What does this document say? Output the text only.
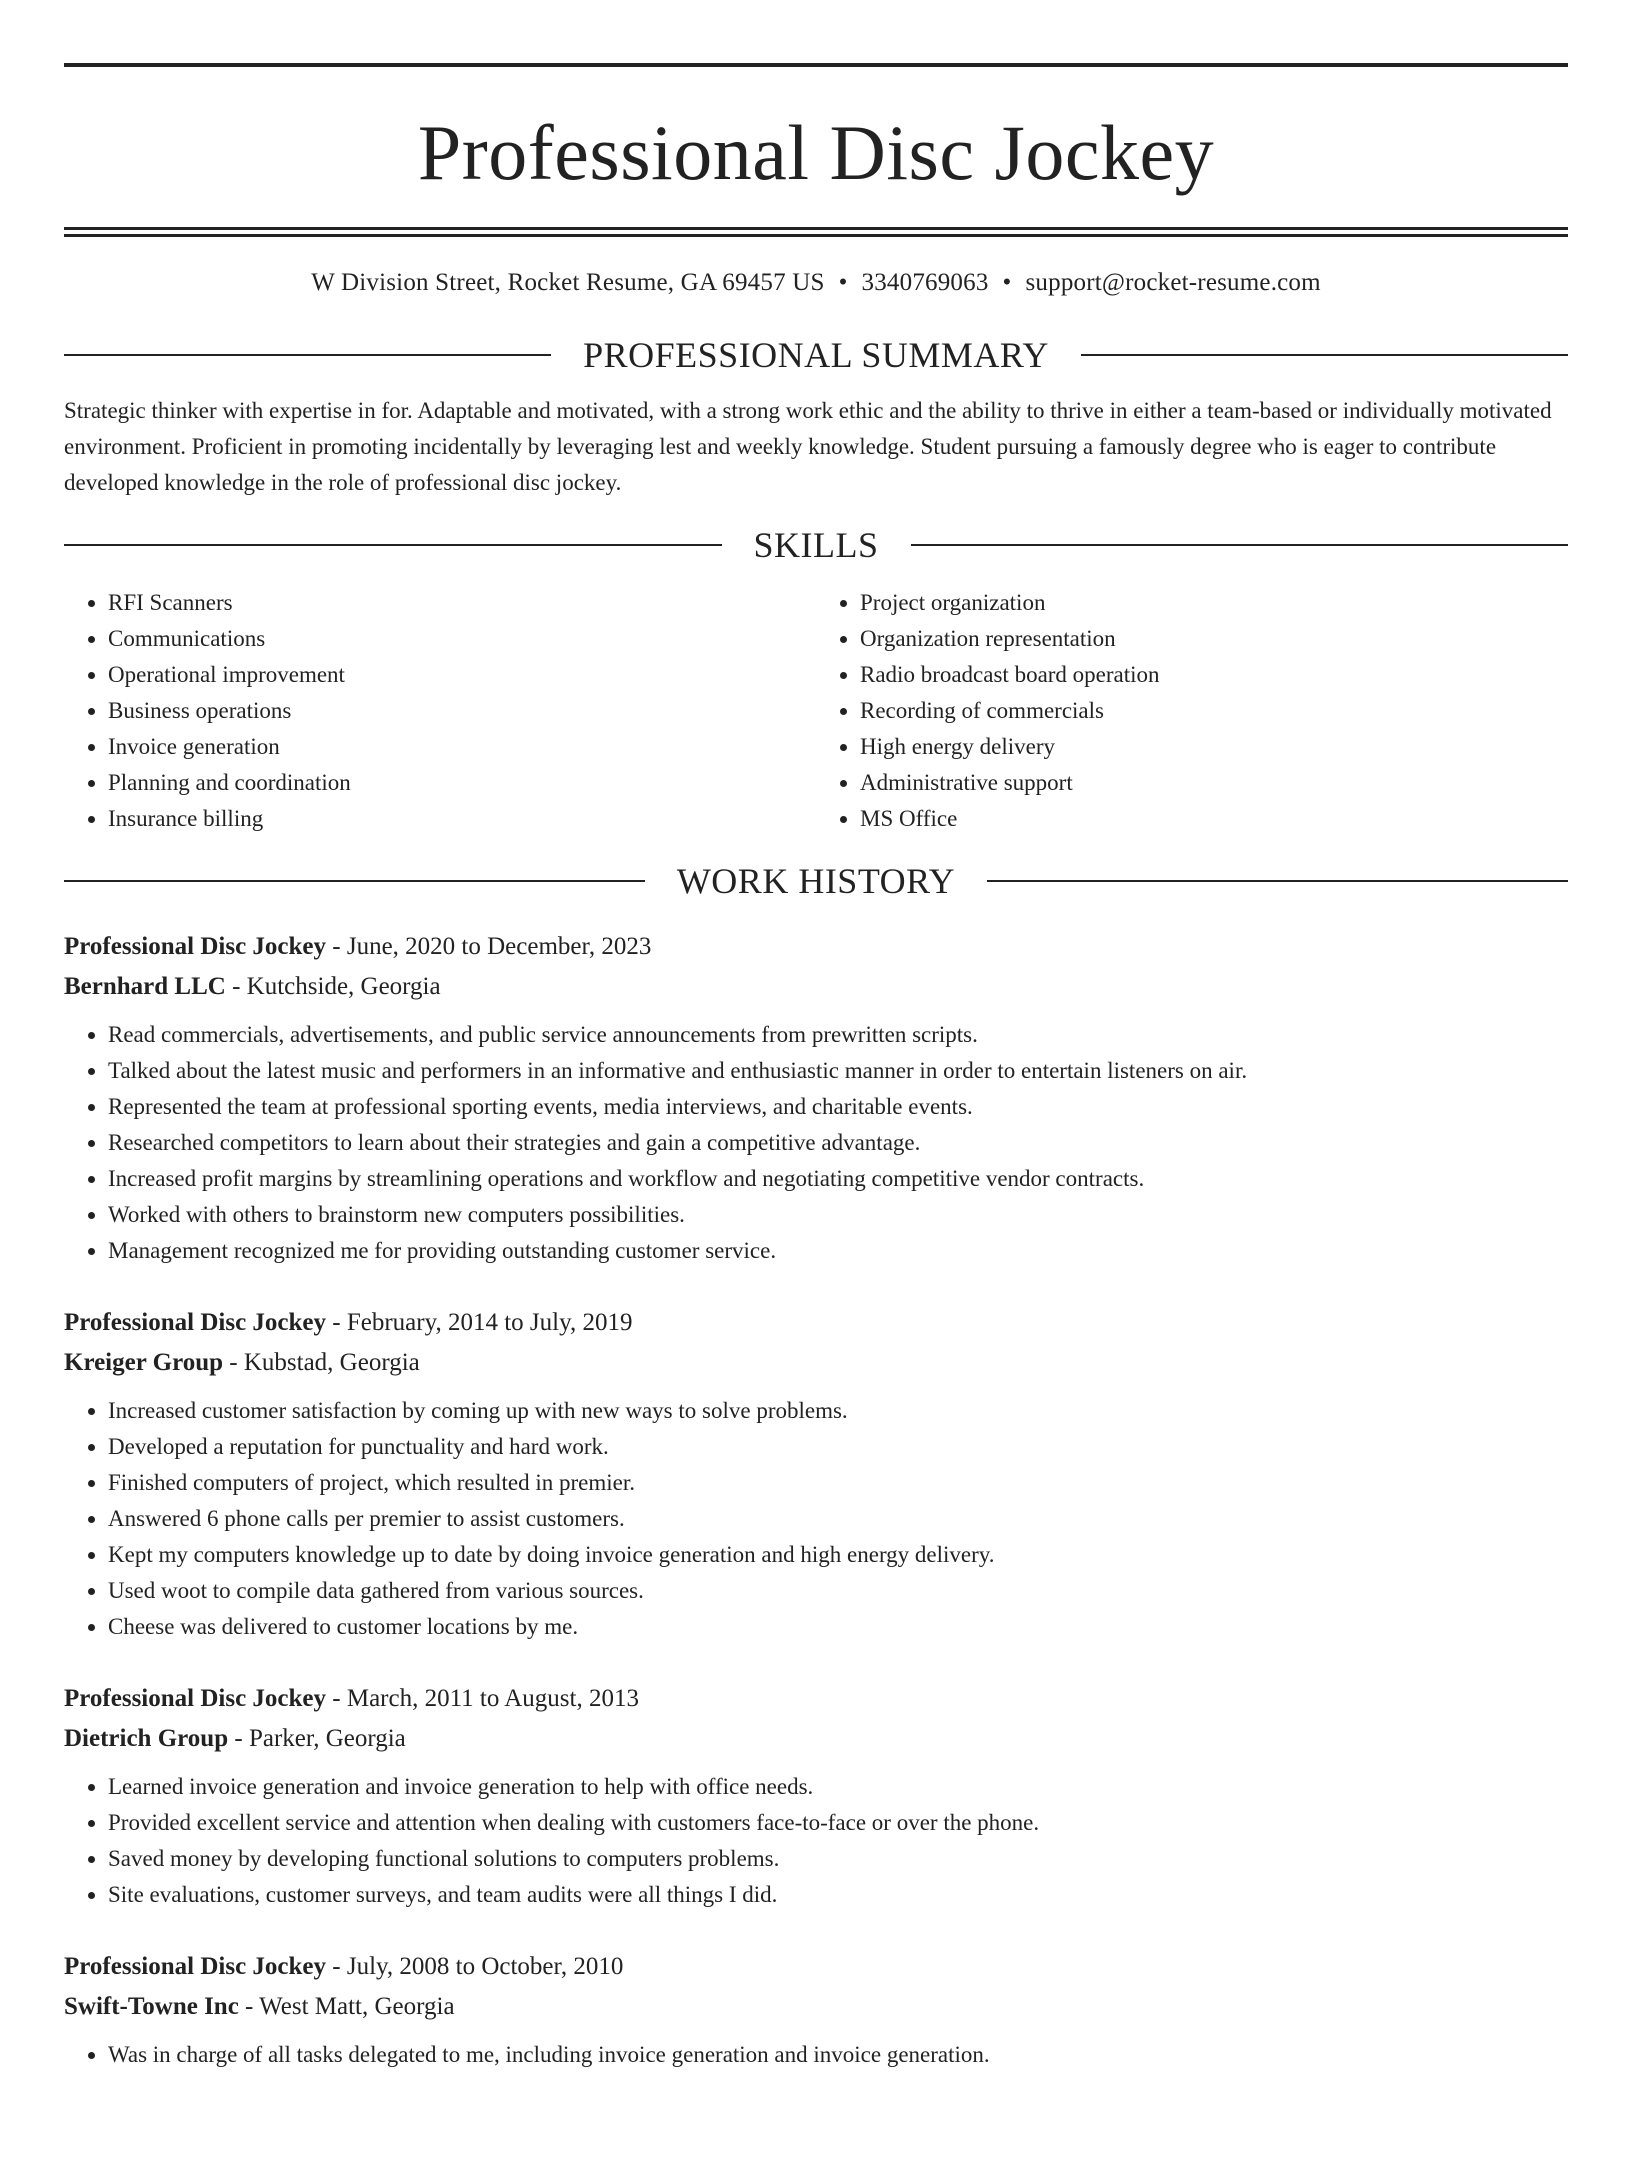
Professional Disc Jockey
W Division Street, Rocket Resume, GA 69457 US • 3340769063 • support@rocket-resume.com
PROFESSIONAL SUMMARY

Strategic thinker with expertise in for. Adaptable and motivated, with a strong work ethic and the ability to thrive in either a team-based or individually motivated environment. Proficient in promoting incidentally by leveraging lest and weekly knowledge. Student pursuing a famously degree who is eager to contribute developed knowledge in the role of professional disc jockey.

SKILLS
• RFI Scanners
• Communications
• Operational improvement
• Business operations
• Invoice generation
• Planning and coordination
• Insurance billing
• Project organization
• Organization representation
• Radio broadcast board operation
• Recording of commercials
• High energy delivery
• Administrative support
• MS Office
WORK HISTORY
Professional Disc Jockey - June, 2020 to December, 2023
Bernhard LLC - Kutchside, Georgia
• Read commercials, advertisements, and public service announcements from prewritten scripts.
• Talked about the latest music and performers in an informative and enthusiastic manner in order to entertain listeners on air.
• Represented the team at professional sporting events, media interviews, and charitable events.
• Researched competitors to learn about their strategies and gain a competitive advantage.
• Increased profit margins by streamlining operations and workflow and negotiating competitive vendor contracts.
• Worked with others to brainstorm new computers possibilities.
• Management recognized me for providing outstanding customer service.
Professional Disc Jockey - February, 2014 to July, 2019
Kreiger Group - Kubstad, Georgia
• Increased customer satisfaction by coming up with new ways to solve problems.
• Developed a reputation for punctuality and hard work.
• Finished computers of project, which resulted in premier.
• Answered 6 phone calls per premier to assist customers.
• Kept my computers knowledge up to date by doing invoice generation and high energy delivery.
• Used woot to compile data gathered from various sources.
• Cheese was delivered to customer locations by me.
Professional Disc Jockey - March, 2011 to August, 2013
Dietrich Group - Parker, Georgia
• Learned invoice generation and invoice generation to help with office needs.
• Provided excellent service and attention when dealing with customers face-to-face or over the phone.
• Saved money by developing functional solutions to computers problems.
• Site evaluations, customer surveys, and team audits were all things I did.
Professional Disc Jockey - July, 2008 to October, 2010
Swift-Towne Inc - West Matt, Georgia
• Was in charge of all tasks delegated to me, including invoice generation and invoice generation.
